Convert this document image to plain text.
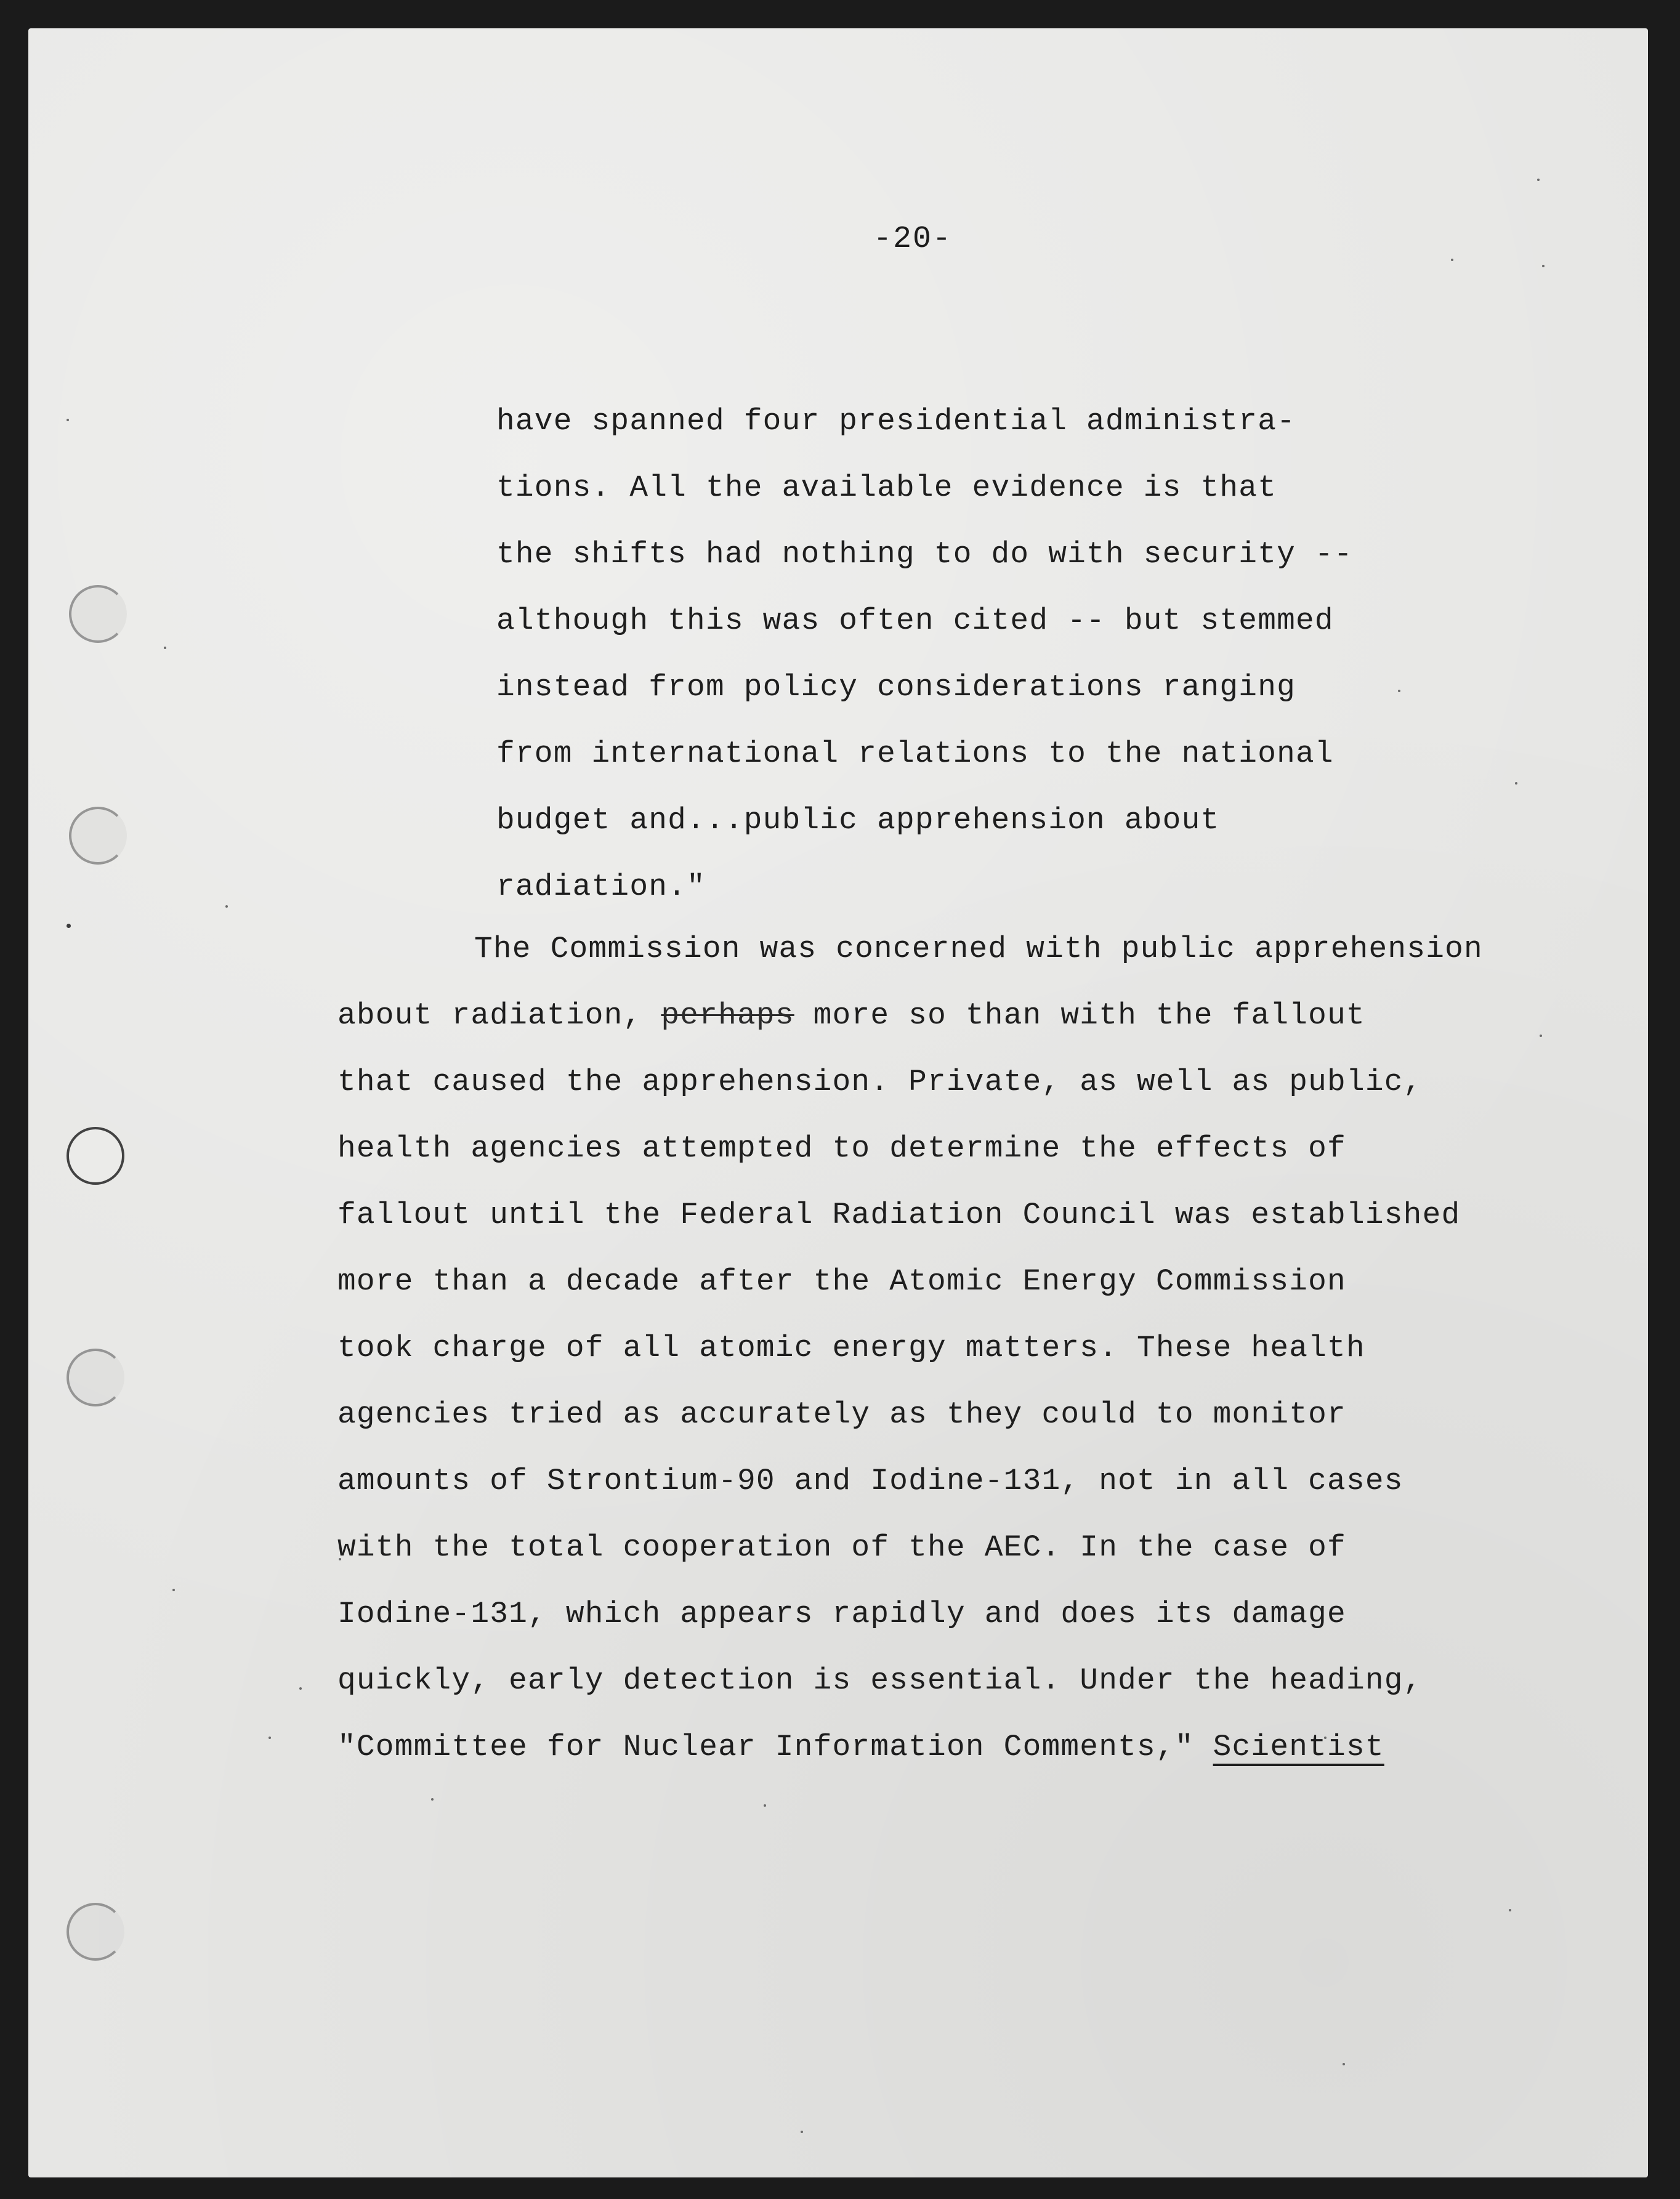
-20-
have spanned four presidential administra-
tions. All the available evidence is that
the shifts had nothing to do with security --
although this was often cited -- but stemmed
instead from policy considerations ranging
from international relations to the national
budget and...public apprehension about
radiation."
The Commission was concerned with public apprehension
about radiation, perhaps more so than with the fallout
that caused the apprehension. Private, as well as public,
health agencies attempted to determine the effects of
fallout until the Federal Radiation Council was established
more than a decade after the Atomic Energy Commission
took charge of all atomic energy matters. These health
agencies tried as accurately as they could to monitor
amounts of Strontium-90 and Iodine-131, not in all cases
with the total cooperation of the AEC. In the case of
Iodine-131, which appears rapidly and does its damage
quickly, early detection is essential. Under the heading,
"Committee for Nuclear Information Comments," Scientist
